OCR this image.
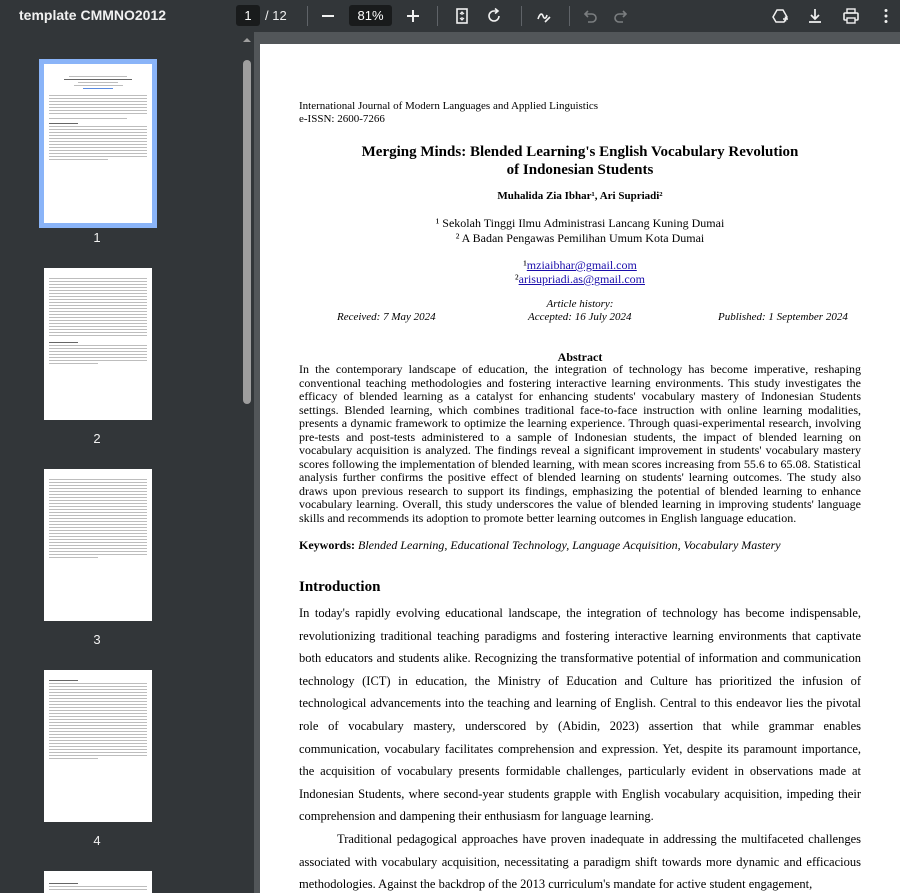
template CMMNO2012	1	/ 12	81%
1
2
3
4
International Journal of Modern Languages and Applied Linguistics
e-ISSN: 2600-7266
Merging Minds: Blended Learning's English Vocabulary Revolution
of Indonesian Students
Muhalida Zia Ibhar¹, Ari Supriadi²
¹ Sekolah Tinggi Ilmu Administrasi Lancang Kuning Dumai
² A Badan Pengawas Pemilihan Umum Kota Dumai
¹mziaibhar@gmail.com
²arisupriadi.as@gmail.com
Article history:
Received: 7 May 2024	Accepted: 16 July 2024	Published: 1 September 2024
Abstract
In the contemporary landscape of education, the integration of technology has become imperative, reshaping conventional teaching methodologies and fostering interactive learning environments. This study investigates the efficacy of blended learning as a catalyst for enhancing students' vocabulary mastery of Indonesian Students settings. Blended learning, which combines traditional face-to-face instruction with online learning modalities, presents a dynamic framework to optimize the learning experience. Through quasi-experimental research, involving pre-tests and post-tests administered to a sample of Indonesian students, the impact of blended learning on vocabulary acquisition is analyzed. The findings reveal a significant improvement in students' vocabulary mastery scores following the implementation of blended learning, with mean scores increasing from 55.6 to 65.08. Statistical analysis further confirms the positive effect of blended learning on students' learning outcomes. The study also draws upon previous research to support its findings, emphasizing the potential of blended learning to enhance vocabulary learning. Overall, this study underscores the value of blended learning in improving students' language skills and recommends its adoption to promote better learning outcomes in English language education.
Keywords: Blended Learning, Educational Technology, Language Acquisition, Vocabulary Mastery
Introduction

In today's rapidly evolving educational landscape, the integration of technology has become indispensable, revolutionizing traditional teaching paradigms and fostering interactive learning environments that captivate both educators and students alike. Recognizing the transformative potential of information and communication technology (ICT) in education, the Ministry of Education and Culture has prioritized the infusion of technological advancements into the teaching and learning of English. Central to this endeavor lies the pivotal role of vocabulary mastery, underscored by (Abidin, 2023) assertion that while grammar enables communication, vocabulary facilitates comprehension and expression. Yet, despite its paramount importance, the acquisition of vocabulary presents formidable challenges, particularly evident in observations made at Indonesian Students, where second-year students grapple with English vocabulary acquisition, impeding their comprehension and dampening their enthusiasm for language learning.

Traditional pedagogical approaches have proven inadequate in addressing the multifaceted challenges associated with vocabulary acquisition, necessitating a paradigm shift towards more dynamic and efficacious methodologies. Against the backdrop of the 2013 curriculum's mandate for active student engagement,
